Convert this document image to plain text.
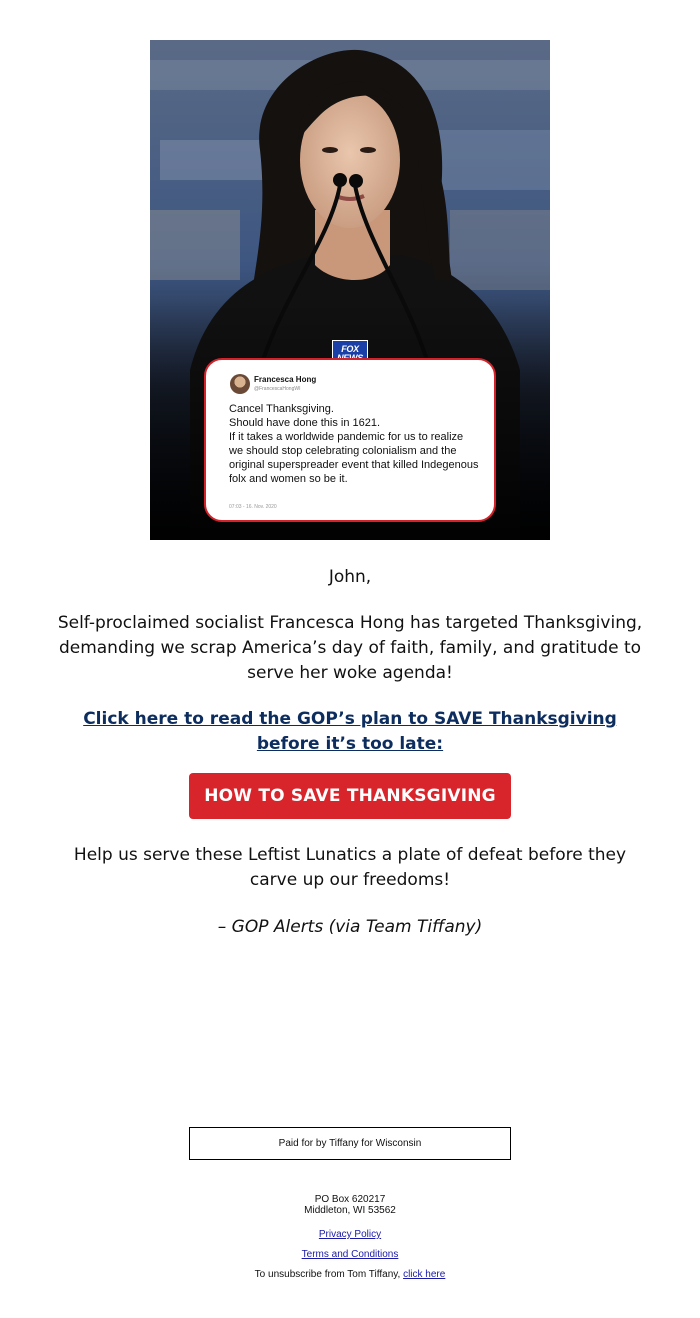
FOX
Francesca Hong
@FrancescaHongWI

Cancel Thanksgiving.
Should have done this in 1621.
If it takes a worldwide pandemic for us to realize we should stop celebrating colonialism and the original superspreader event that killed Indegenous folx and women so be it.

07:03 - 16. Nov. 2020
John,
Self-proclaimed socialist Francesca Hong has targeted Thanksgiving, demanding we scrap America’s day of faith, family, and gratitude to serve her woke agenda!
Click here to read the GOP’s plan to SAVE Thanksgiving before it’s too late:
HOW TO SAVE THANKSGIVING
Help us serve these Leftist Lunatics a plate of defeat before they carve up our freedoms!
– GOP Alerts (via Team Tiffany)
Paid for by Tiffany for Wisconsin
PO Box 620217
Middleton, WI 53562
Privacy Policy
Terms and Conditions
To unsubscribe from Tom Tiffany, click here
